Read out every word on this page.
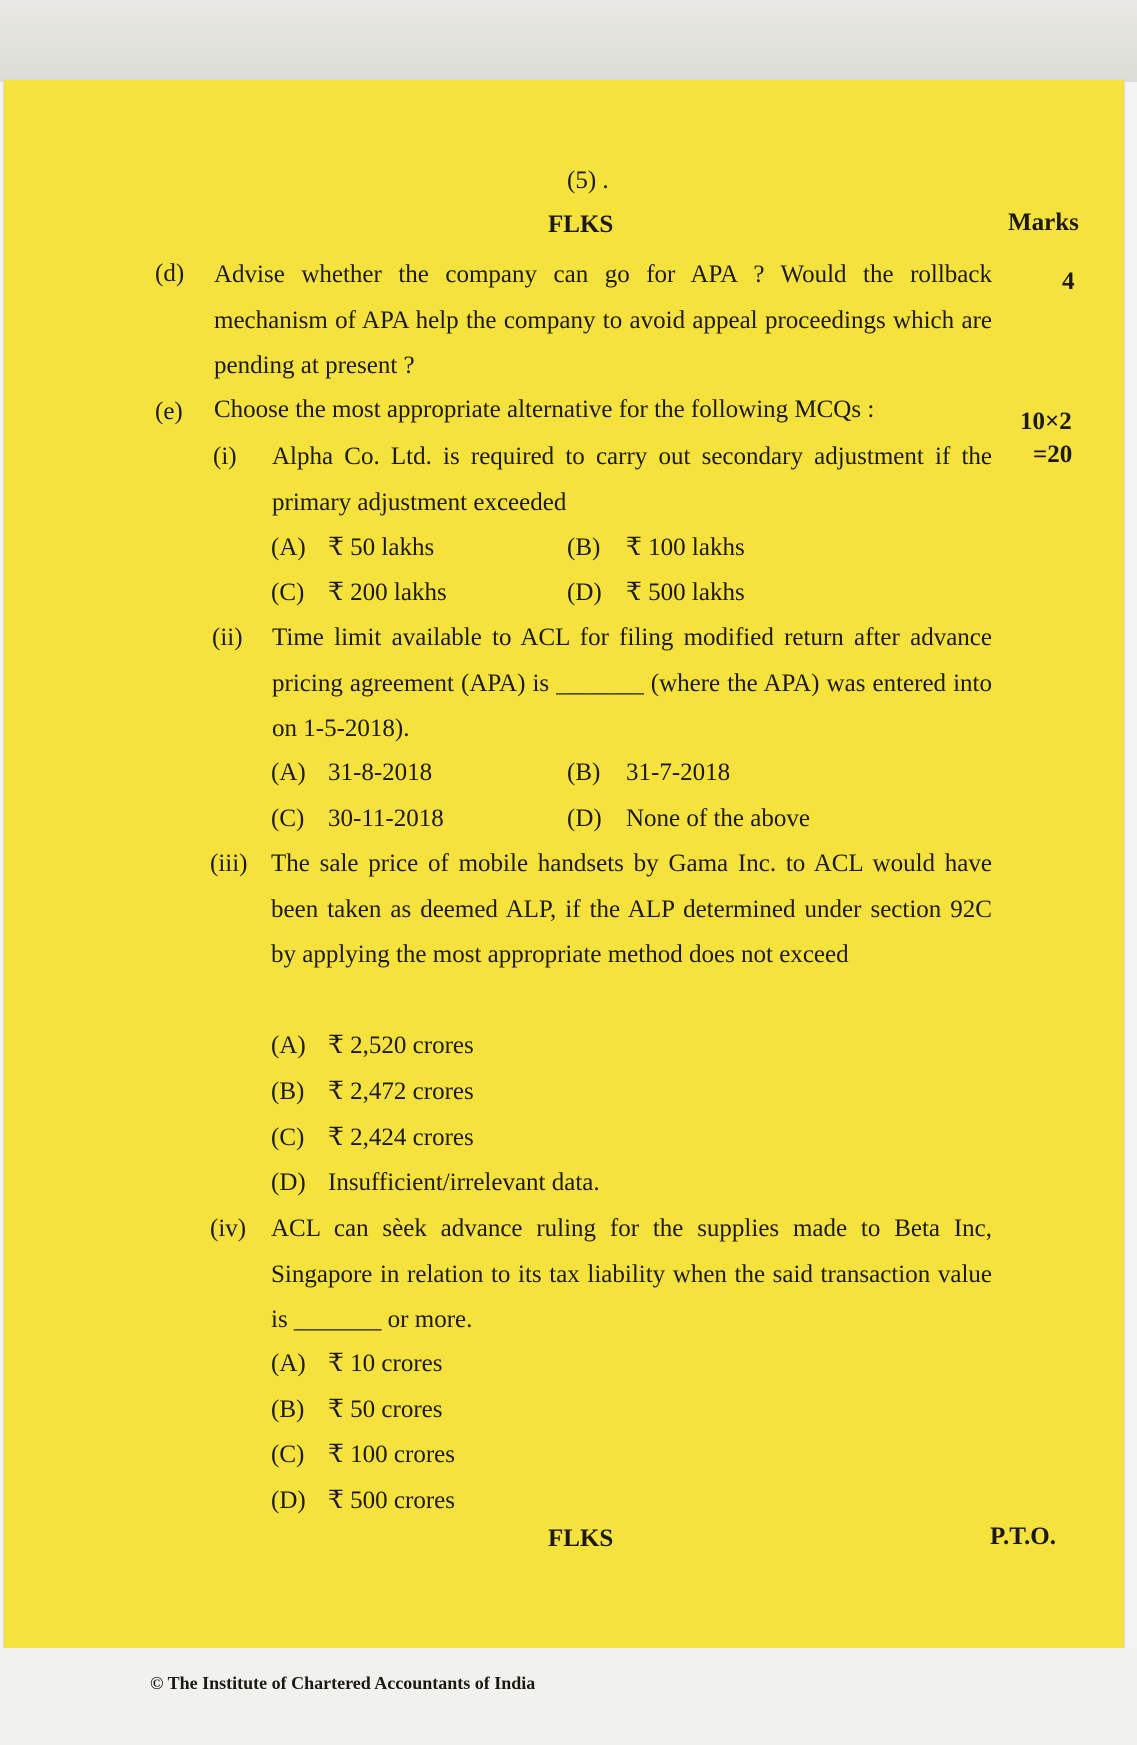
(5) .
FLKS	Marks
(d) Advise whether the company can go for APA ? Would the rollback mechanism of APA help the company to avoid appeal proceedings which are pending at present ?
4
(e) Choose the most appropriate alternative for the following MCQs :	10×2
=20
(i) Alpha Co. Ltd. is required to carry out secondary adjustment if the primary adjustment exceeded
(A) ₹ 50 lakhs	(B) ₹ 100 lakhs
(C) ₹ 200 lakhs	(D) ₹ 500 lakhs
(ii) Time limit available to ACL for filing modified return after advance pricing agreement (APA) is _______ (where the APA) was entered into on 1-5-2018).
(A) 31-8-2018	(B) 31-7-2018
(C) 30-11-2018	(D) None of the above
(iii) The sale price of mobile handsets by Gama Inc. to ACL would have been taken as deemed ALP, if the ALP determined under section 92C by applying the most appropriate method does not exceed
(A) ₹ 2,520 crores
(B) ₹ 2,472 crores
(C) ₹ 2,424 crores
(D) Insufficient/irrelevant data.
(iv) ACL can sèek advance ruling for the supplies made to Beta Inc, Singapore in relation to its tax liability when the said transaction value is _______ or more.
(A) ₹ 10 crores
(B) ₹ 50 crores
(C) ₹ 100 crores
(D) ₹ 500 crores
FLKS	P.T.O.
© The Institute of Chartered Accountants of India
